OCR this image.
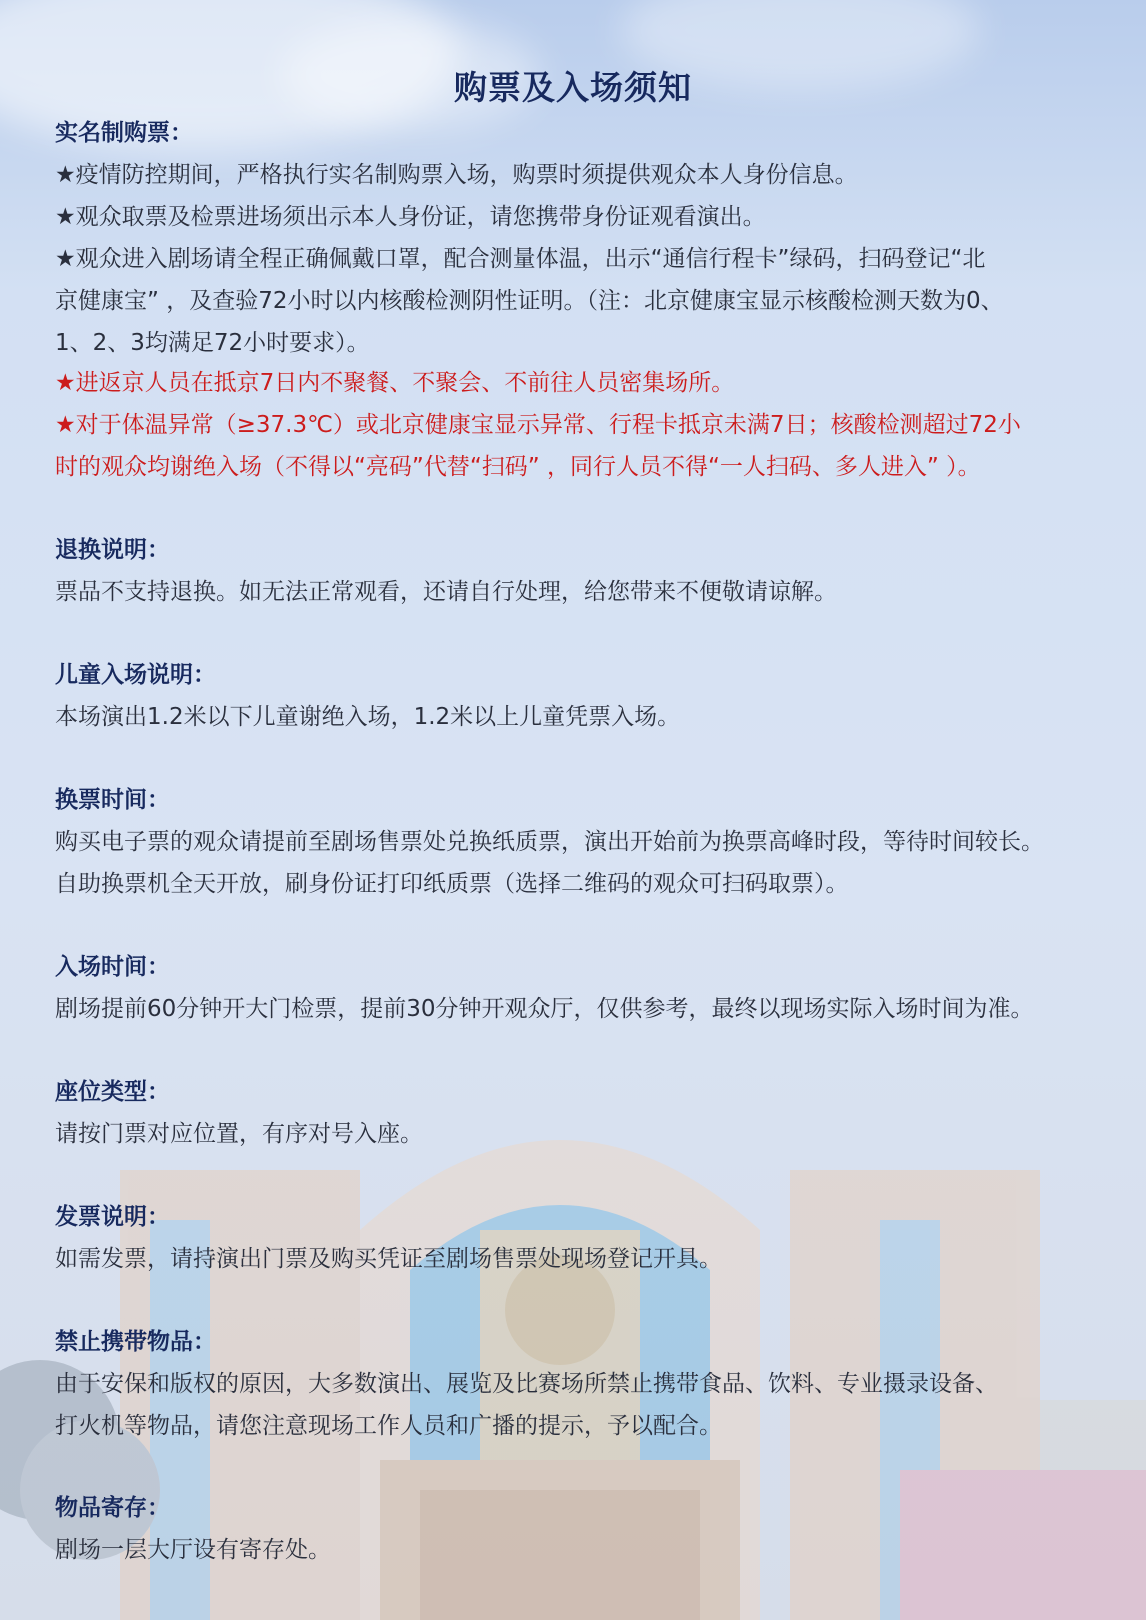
购票及入场须知
实名制购票：
★疫情防控期间，严格执行实名制购票入场，购票时须提供观众本人身份信息。
★观众取票及检票进场须出示本人身份证，请您携带身份证观看演出。
★观众进入剧场请全程正确佩戴口罩，配合测量体温，出示“通信行程卡”绿码，扫码登记“北
京健康宝” ，及查验72小时以内核酸检测阴性证明。（注：北京健康宝显示核酸检测天数为0、
1、2、3均满足72小时要求）。
★进返京人员在抵京7日内不聚餐、不聚会、不前往人员密集场所。
★对于体温异常（≥37.3℃）或北京健康宝显示异常、行程卡抵京未满7日；核酸检测超过72小
时的观众均谢绝入场（不得以“亮码”代替“扫码” ，同行人员不得“一人扫码、多人进入” ）。
退换说明：
票品不支持退换。如无法正常观看，还请自行处理，给您带来不便敬请谅解。
儿童入场说明：
本场演出1.2米以下儿童谢绝入场，1.2米以上儿童凭票入场。
换票时间：
购买电子票的观众请提前至剧场售票处兑换纸质票，演出开始前为换票高峰时段，等待时间较长。
自助换票机全天开放，刷身份证打印纸质票（选择二维码的观众可扫码取票）。
入场时间：
剧场提前60分钟开大门检票，提前30分钟开观众厅，仅供参考，最终以现场实际入场时间为准。
座位类型：
请按门票对应位置，有序对号入座。
发票说明：
如需发票，请持演出门票及购买凭证至剧场售票处现场登记开具。
禁止携带物品：
由于安保和版权的原因，大多数演出、展览及比赛场所禁止携带食品、饮料、专业摄录设备、
打火机等物品，请您注意现场工作人员和广播的提示，予以配合。
物品寄存：
剧场一层大厅设有寄存处。
